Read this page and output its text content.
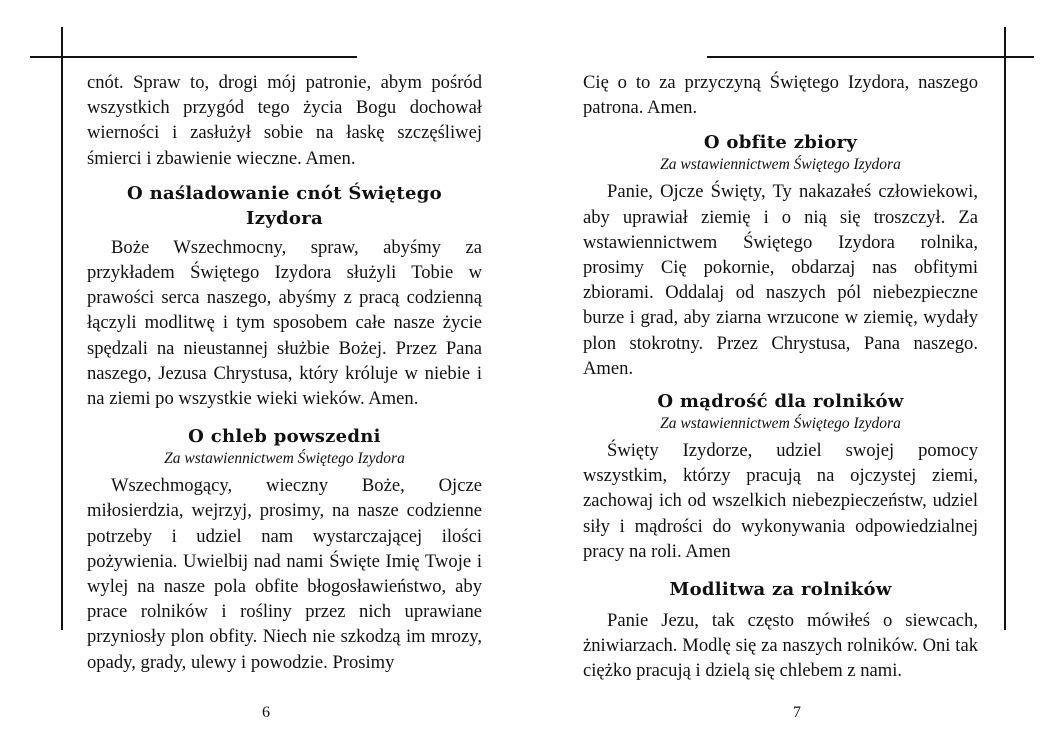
cnót. Spraw to, drogi mój patronie, abym pośród wszystkich przygód tego życia Bogu dochował wierności i zasłużył sobie na łaskę szczęśliwej śmierci i zbawienie wieczne. Amen.

O naśladowanie cnót Świętego Izydora

Boże Wszechmocny, spraw, abyśmy za przykładem Świętego Izydora służyli Tobie w prawości serca naszego, abyśmy z pracą codzienną łączyli modlitwę i tym sposobem całe nasze życie spędzali na nieustannej służbie Bożej. Przez Pana naszego, Jezusa Chrystusa, który króluje w niebie i na ziemi po wszystkie wieki wieków. Amen.

O chleb powszedni
Za wstawiennictwem Świętego Izydora

Wszechmogący, wieczny Boże, Ojcze miłosierdzia, wejrzyj, prosimy, na nasze codzienne potrzeby i udziel nam wystarczającej ilości pożywienia. Uwielbij nad nami Święte Imię Twoje i wylej na nasze pola obfite błogosławieństwo, aby prace rolników i rośliny przez nich uprawiane przyniosły plon obfity. Niech nie szkodzą im mrozy, opady, grady, ulewy i powodzie. Prosimy

Cię o to za przyczyną Świętego Izydora, naszego patrona. Amen.

O obfite zbiory
Za wstawiennictwem Świętego Izydora

Panie, Ojcze Święty, Ty nakazałeś człowiekowi, aby uprawiał ziemię i o nią się troszczył. Za wstawiennictwem Świętego Izydora rolnika, prosimy Cię pokornie, obdarzaj nas obfitymi zbiorami. Oddalaj od naszych pól niebezpieczne burze i grad, aby ziarna wrzucone w ziemię, wydały plon stokrotny. Przez Chrystusa, Pana naszego. Amen.

O mądrość dla rolników
Za wstawiennictwem Świętego Izydora

Święty Izydorze, udziel swojej pomocy wszystkim, którzy pracują na ojczystej ziemi, zachowaj ich od wszelkich niebezpieczeństw, udziel siły i mądrości do wykonywania odpowiedzialnej pracy na roli. Amen

Modlitwa za rolników

Panie Jezu, tak często mówiłeś o siewcach, żniwiarzach. Modlę się za naszych rolników. Oni tak ciężko pracują i dzielą się chlebem z nami.

6	7
